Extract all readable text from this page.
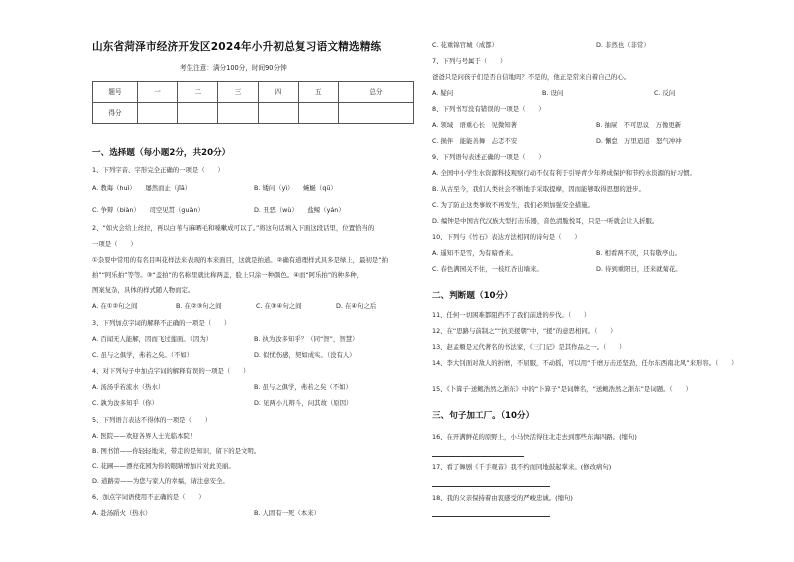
山东省菏泽市经济开发区2024年小升初总复习语文精选精练
考生注意：满分100分，时间90分钟
题号	一	二	三	四	五	总分
得分						
一、选择题（每小题2分，共20分）
1、下列字音、字形完全正确的一项是（　　）
A. 教诲（huì）　　屡然而止（jǐā）	B. 矮问（yì）　　蜿蜒（qū）
C. 争辩（biàn）　　司空见贯（guàn）	D. 丑恶（wù）　　盐鲸（yán）
2、“如火会给上丝拉，再以白苇与麻晒毛和嗓嗽成可以了。”将这句话填入下面这段话里，位置恰当的
一项是（　　）
①杂耍中常用的有名目叫花样法来表现的本来面目，这就是拍道。②确有道理样式具多是绿上，最初是“拍
拍”“阿乐拍”等等。③“盖拍”的名称里就比称两盖，脸上只涂一种颜色。④而“阿乐拍”的种多种，
图案复杂，具体的样式随人物而定。
A. 在①②句之间	B. 在②③句之间	C. 在③④句之间	D. 在④句之后
3、下列加点字词的解释不正确的一项是（　　）
A. 百闻无人能解，因而飞过莲面。（因为）	B. 执为汝多知乎？（同“智”，智慧）
C. 虽与之俱学，弗若之矣。（不如）	D. 似忧伤感，契如成实。（没有人）
4、对下列句子中加点字词的解释有误的一项是（　　）
A. 汤汤乎若流水（热水）	B. 虽与之俱学，弗若之矣（不如）
C. 孰为汝多知乎（你）	D. 见两小儿辩斗，问其故（原因）
5、下列语言表达不得体的一项是（　　）
A. 医院——欢迎各界人士光临本院！
B. 图书馆——你轻轻地来，带走的是知识，留下的是文明。
C. 花圃——漂亮花园为你的眼睛增加片对此美丽。
D. 道路旁——为您与家人的幸福，请注意安全。
6、加点字词语使用不正确的是（　　）
A. 赴汤蹈火（热水）	B. 人固有一死（本来）
C. 花重锦官城（成都）	D. 非然也（非常）
7、下列与号属于（　　）
爸爸只是问孩子们是否自信地吗？不是的，他正是常来自着自己的心。
A. 疑问	B. 设问	C. 反问
8、下列书写没有错误的一项是（　　）
A. 领域　语重心长　见微知著	B. 抽屉　不可思议　万像更新
C. 损伴　能能善舞　忐忑不安	D. 懈怠　万里迢迢　怒气冲冲
9、下列语句表述正确的一项是（　　）
A. 全国中小学生水资源科技观察行动不仅有利于引导青少年养成保护和节约水资源的好习惯。
B. 从古至今，我们人类社会不断地手采取提摩，因而能够取得思想的进步。
C. 为了防止这类事故不再发生，我们必须加强安全措施。
D. 编钟是中国古代汉族大型打击乐器，音色清脆悦耳，只是一听就会让人折服。
10、下列与《竹石》表达方法相同的诗句是（　　）
A. 遥知不是雪，为有暗香来。	B. 相看两不厌，只有敬亭山。
C. 春色满园关不住，一枝红杏出墙来。	D. 待到重阳日，还来就菊花。
二、判断题（10分）
11、任何一切困难都阻挡不了我们前进的步伐。（　　）
12、在“思路与前制之”“抗美援朝”中，“援”的意思相同。（　　）
13、赵孟頫是元代著名的书法家，《三门记》是其作品之一。（　　）
14、李大钊面对敌人的折磨，不屈服，不动摇，可以用“千磨万击还坚劲，任尔东西南北风”来形容。（　　）
15、《卜算子·送鲍浩然之浙东》中的“卜算子”是词牌名，“送鲍浩然之浙东”是词题。（　　）
三、句子加工厂。（10分）
16、在开满鲜花的原野上，小马快活得往北走去到那些东海四路。(缩句)
17、看了舞剧《千手观音》我不约而同地鼓起掌来。(修改病句)
18、我的父亲保持着由衷感受的严峻忠诚。(缩句)
